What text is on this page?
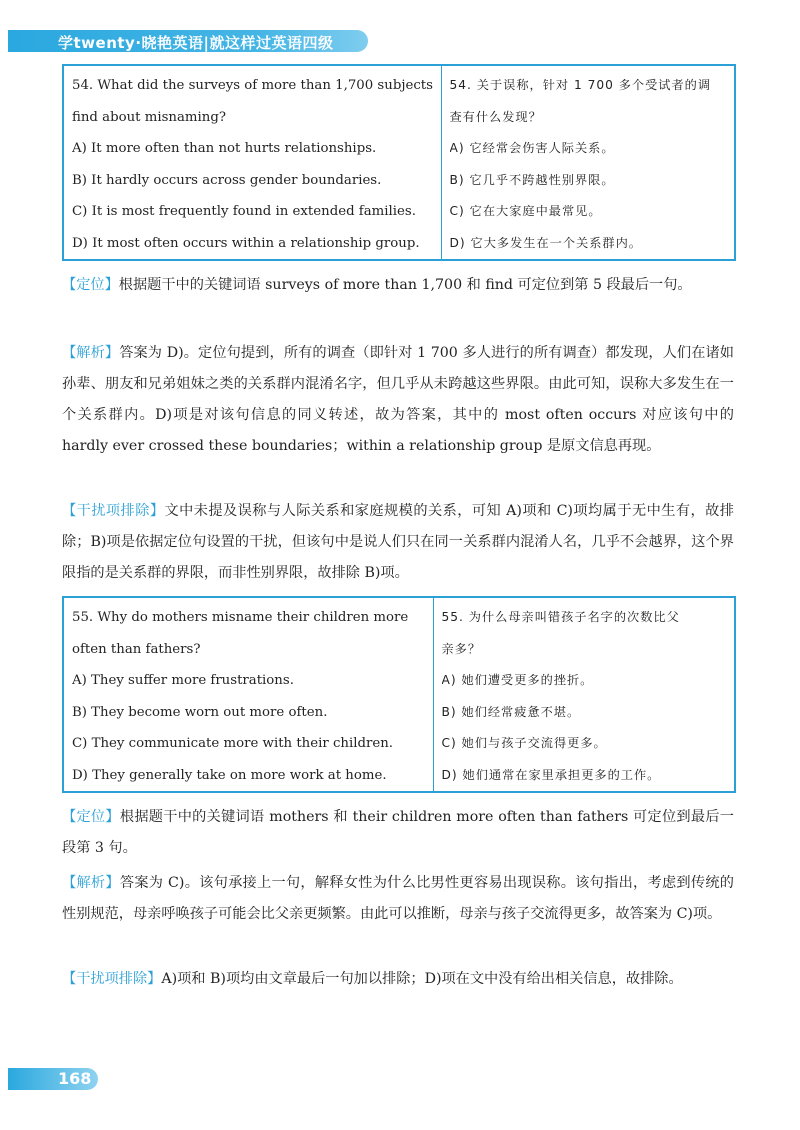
学twenty·晓艳英语|就这样过英语四级
54. What did the surveys of more than 1,700 subjects
find about misnaming?
A) It more often than not hurts relationships.
B) It hardly occurs across gender boundaries.
C) It is most frequently found in extended families.
D) It most often occurs within a relationship group.

54. 关于误称，针对 1 700 多个受试者的调
查有什么发现？
A) 它经常会伤害人际关系。
B) 它几乎不跨越性别界限。
C) 它在大家庭中最常见。
D) 它大多发生在一个关系群内。
【定位】根据题干中的关键词语 surveys of more than 1,700 和 find 可定位到第 5 段最后一句。
【解析】答案为 D)。定位句提到，所有的调查（即针对 1 700 多人进行的所有调查）都发现，人们在诸如孙辈、朋友和兄弟姐妹之类的关系群内混淆名字，但几乎从未跨越这些界限。由此可知，误称大多发生在一个关系群内。D)项是对该句信息的同义转述，故为答案，其中的 most often occurs 对应该句中的 hardly ever crossed these boundaries；within a relationship group 是原文信息再现。
【干扰项排除】文中未提及误称与人际关系和家庭规模的关系，可知 A)项和 C)项均属于无中生有，故排除；B)项是依据定位句设置的干扰，但该句中是说人们只在同一关系群内混淆人名，几乎不会越界，这个界限指的是关系群的界限，而非性别界限，故排除 B)项。
55. Why do mothers misname their children more
often than fathers?
A) They suffer more frustrations.
B) They become worn out more often.
C) They communicate more with their children.
D) They generally take on more work at home.

55. 为什么母亲叫错孩子名字的次数比父
亲多？
A) 她们遭受更多的挫折。
B) 她们经常疲惫不堪。
C) 她们与孩子交流得更多。
D) 她们通常在家里承担更多的工作。
【定位】根据题干中的关键词语 mothers 和 their children more often than fathers 可定位到最后一段第 3 句。
【解析】答案为 C)。该句承接上一句，解释女性为什么比男性更容易出现误称。该句指出，考虑到传统的性别规范，母亲呼唤孩子可能会比父亲更频繁。由此可以推断，母亲与孩子交流得更多，故答案为 C)项。
【干扰项排除】A)项和 B)项均由文章最后一句加以排除；D)项在文中没有给出相关信息，故排除。
168
